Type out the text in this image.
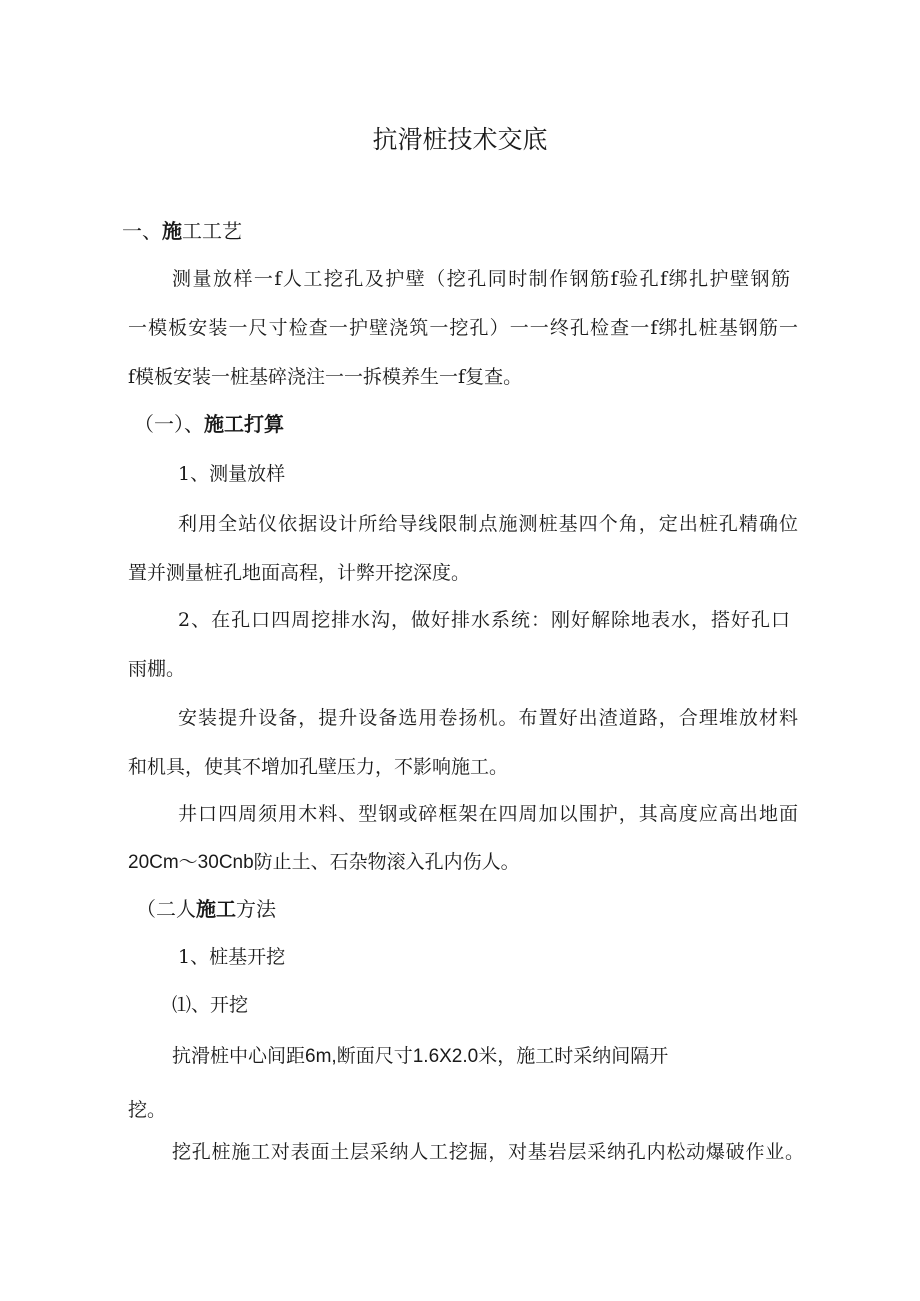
抗滑桩技术交底
一、施工工艺
测量放样一f人工挖孔及护壁（挖孔同时制作钢筋f验孔f绑扎护壁钢筋
一模板安装一尺寸检查一护壁浇筑一挖孔）一一终孔检查一f绑扎桩基钢筋一
f模板安装一桩基碎浇注一一拆模养生一f复查。
（一）、施工打算
1、测量放样
利用全站仪依据设计所给导线限制点施测桩基四个角，定出桩孔精确位
置并测量桩孔地面高程，计弊开挖深度。
2、在孔口四周挖排水沟，做好排水系统：刚好解除地表水，搭好孔口
雨棚。
安装提升设备，提升设备选用卷扬机。布置好出渣道路，合理堆放材料
和机具，使其不增加孔壁压力，不影响施工。
井口四周须用木料、型钢或碎框架在四周加以围护，其高度应高出地面
20Cm〜30Cnb防止土、石杂物滚入孔内伤人。
（二人施工方法
1、桩基开挖
⑴、开挖
抗滑桩中心间距6m,断面尺寸1.6X2.0米，施工时采纳间隔开
挖。
挖孔桩施工对表面土层采纳人工挖掘，对基岩层采纳孔内松动爆破作业。
